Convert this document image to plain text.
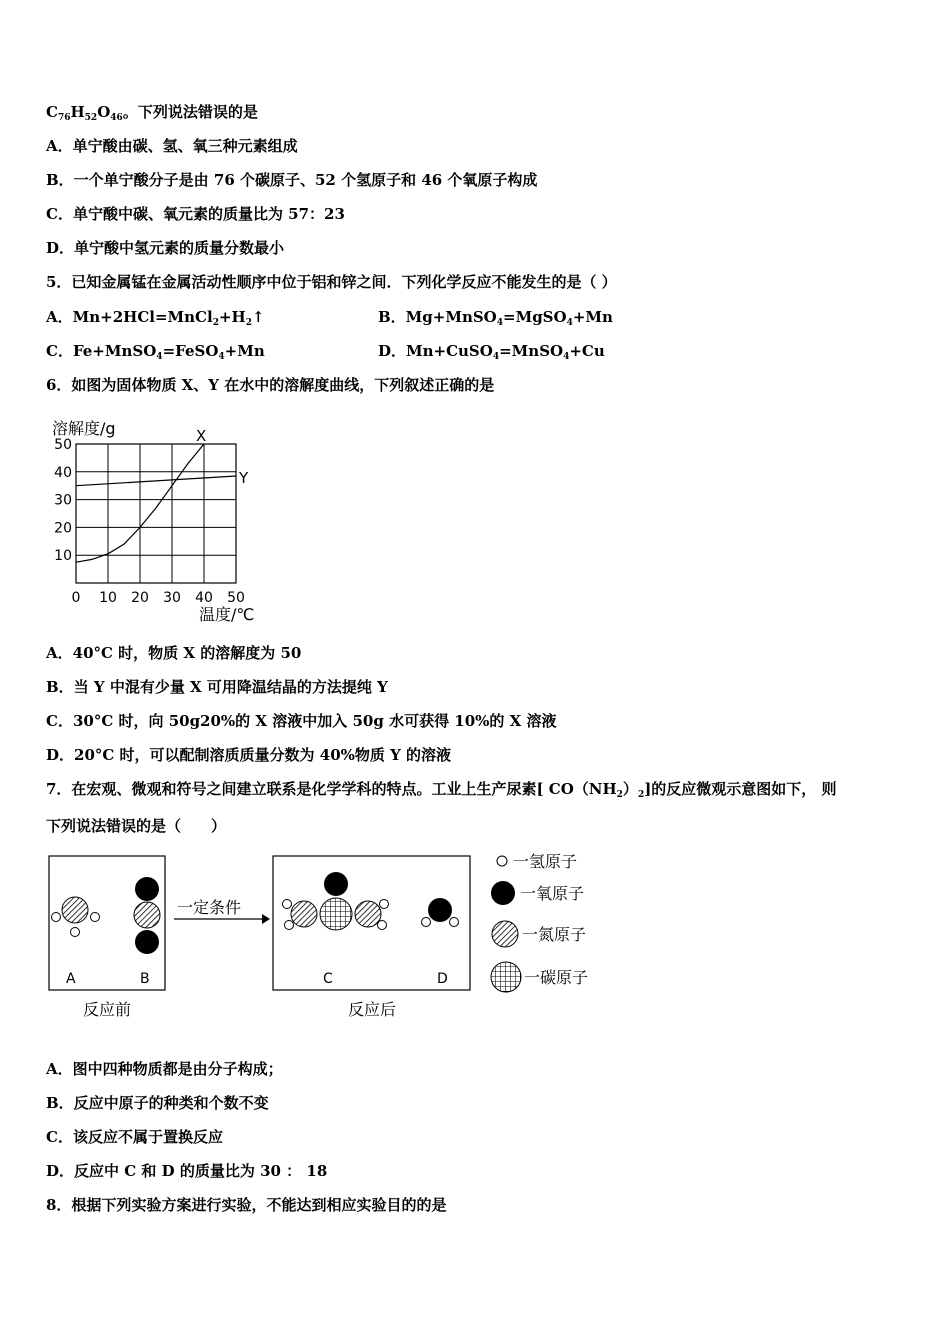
$C_{76}H_{52}O_{46}$。下列说法错误的是
A．单宁酸由碳、氢、氧三种元素组成
B．一个单宁酸分子是由 76 个碳原子、52 个氢原子和 46 个氧原子构成
C．单宁酸中碳、氧元素的质量比为 57：23
D．单宁酸中氢元素的质量分数最小
5．已知金属锰在金属活动性顺序中位于铝和锌之间．下列化学反应不能发生的是（ ）
A．$Mn+2HCl=MnCl_2+H_2↑$	B．Mg+MnSO$_4$=MgSO$_4$+Mn
C．Fe+MnSO$_4$=FeSO$_4$+Mn	D．Mn+CuSO$_4$=MnSO$_4$+Cu
6．如图为固体物质 X、Y 在水中的溶解度曲线，下列叙述正确的是
0 10 20 30 40 50
10
20
30
40
50	X
Y
溶解度/g
温度/℃
A．40°C 时，物质 X 的溶解度为 50
B．当 Y 中混有少量 X 可用降温结晶的方法提纯 Y
C．30°C 时，向 50g20%的 X 溶液中加入 50g 水可获得 10%的 X 溶液
D．20°C 时，可以配制溶质质量分数为 40%物质 Y 的溶液
7．在宏观、微观和符号之间建立联系是化学学科的特点。工业上生产尿素[ $CO(NH_2)_2$]的反应微观示意图如下， 则
下列说法错误的是（　　）
A	B
反应前
一定条件
C	D
反应后
一氢原子
一氧原子
一氮原子
一碳原子
A．图中四种物质都是由分子构成；
B．反应中原子的种类和个数不变
C．该反应不属于置换反应
D．反应中 C 和 D 的质量比为 30 ： 18
8．根据下列实验方案进行实验，不能达到相应实验目的的是
